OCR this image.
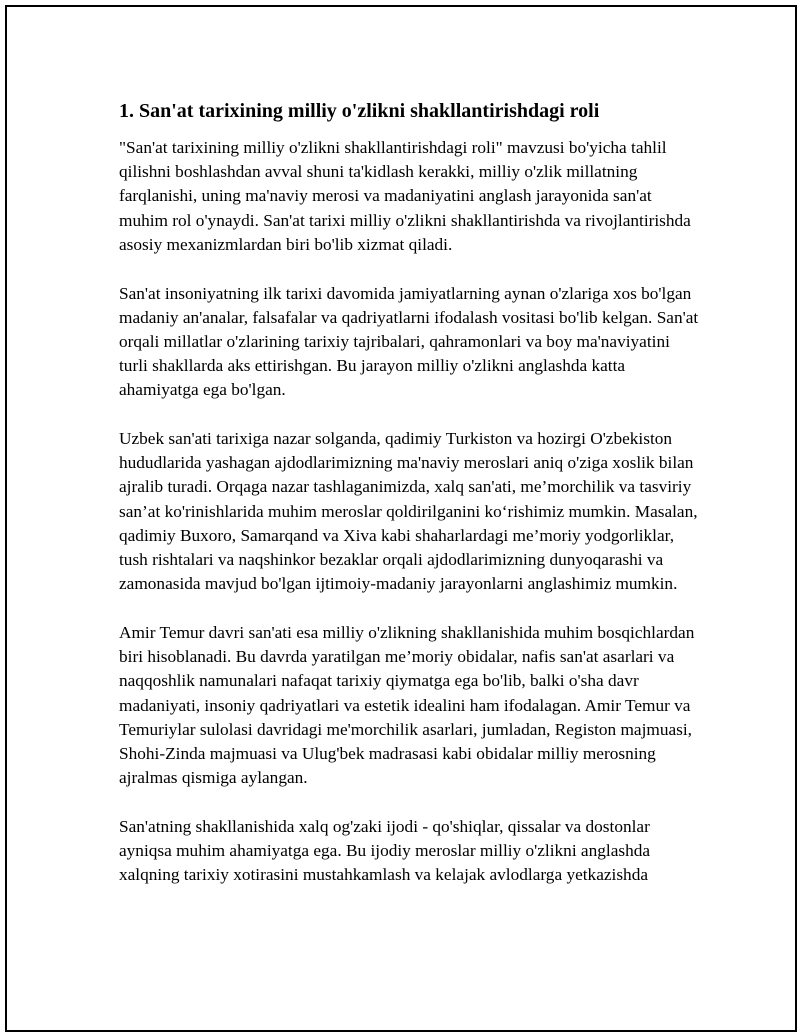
1. San'at tarixining milliy o'zlikni shakllantirishdagi roli

"San'at tarixining milliy o'zlikni shakllantirishdagi roli" mavzusi bo'yicha tahlil qilishni boshlashdan avval shuni ta'kidlash kerakki, milliy o'zlik millatning farqlanishi, uning ma'naviy merosi va madaniyatini anglash jarayonida san'at muhim rol o'ynaydi. San'at tarixi milliy o'zlikni shakllantirishda va rivojlantirishda asosiy mexanizmlardan biri bo'lib xizmat qiladi.

San'at insoniyatning ilk tarixi davomida jamiyatlarning aynan o'zlariga xos bo'lgan madaniy an'analar, falsafalar va qadriyatlarni ifodalash vositasi bo'lib kelgan. San'at orqali millatlar o'zlarining tarixiy tajribalari, qahramonlari va boy ma'naviyatini turli shakllarda aks ettirishgan. Bu jarayon milliy o'zlikni anglashda katta ahamiyatga ega bo'lgan.

Uzbek san'ati tarixiga nazar solganda, qadimiy Turkiston va hozirgi O'zbekiston hududlarida yashagan ajdodlarimizning ma'naviy meroslari aniq o'ziga xoslik bilan ajralib turadi. Orqaga nazar tashlaganimizda, xalq san'ati, me’morchilik va tasviriy san’at ko'rinishlarida muhim meroslar qoldirilganini ko‘rishimiz mumkin. Masalan, qadimiy Buxoro, Samarqand va Xiva kabi shaharlardagi me’moriy yodgorliklar, tush rishtalari va naqshinkor bezaklar orqali ajdodlarimizning dunyoqarashi va zamonasida mavjud bo'lgan ijtimoiy-madaniy jarayonlarni anglashimiz mumkin.

Amir Temur davri san'ati esa milliy o'zlikning shakllanishida muhim bosqichlardan biri hisoblanadi. Bu davrda yaratilgan me’moriy obidalar, nafis san'at asarlari va naqqoshlik namunalari nafaqat tarixiy qiymatga ega bo'lib, balki o'sha davr madaniyati, insoniy qadriyatlari va estetik idealini ham ifodalagan. Amir Temur va Temuriylar sulolasi davridagi me'morchilik asarlari, jumladan, Registon majmuasi, Shohi-Zinda majmuasi va Ulug'bek madrasasi kabi obidalar milliy merosning ajralmas qismiga aylangan.

San'atning shakllanishida xalq og'zaki ijodi - qo'shiqlar, qissalar va dostonlar ayniqsa muhim ahamiyatga ega. Bu ijodiy meroslar milliy o'zlikni anglashda xalqning tarixiy xotirasini mustahkamlash va kelajak avlodlarga yetkazishda
